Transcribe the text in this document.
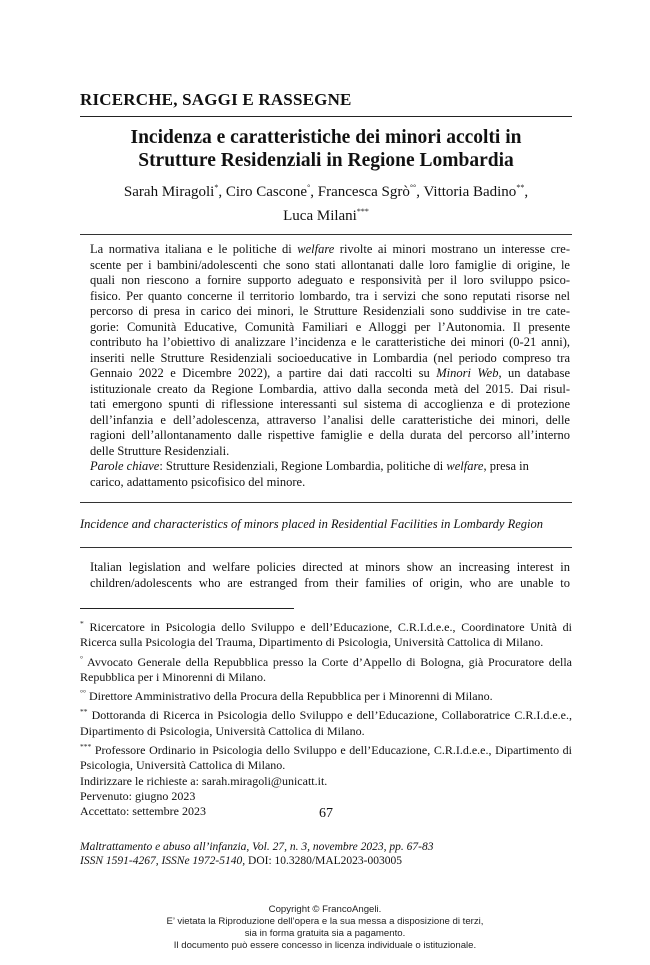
RICERCHE, SAGGI E RASSEGNE
Incidenza e caratteristiche dei minori accolti in
Strutture Residenziali in Regione Lombardia
Sarah Miragoli*, Ciro Cascone°, Francesca Sgrò°°, Vittoria Badino**,
Luca Milani***
La normativa italiana e le politiche di welfare rivolte ai minori mostrano un interesse cre-
scente per i bambini/adolescenti che sono stati allontanati dalle loro famiglie di origine, le
quali non riescono a fornire supporto adeguato e responsività per il loro sviluppo psico-
fisico. Per quanto concerne il territorio lombardo, tra i servizi che sono reputati risorse nel
percorso di presa in carico dei minori, le Strutture Residenziali sono suddivise in tre cate-
gorie: Comunità Educative, Comunità Familiari e Alloggi per l’Autonomia. Il presente
contributo ha l’obiettivo di analizzare l’incidenza e le caratteristiche dei minori (0-21 anni),
inseriti nelle Strutture Residenziali socioeducative in Lombardia (nel periodo compreso tra
Gennaio 2022 e Dicembre 2022), a partire dai dati raccolti su Minori Web, un database
istituzionale creato da Regione Lombardia, attivo dalla seconda metà del 2015. Dai risul-
tati emergono spunti di riflessione interessanti sul sistema di accoglienza e di protezione
dell’infanzia e dell’adolescenza, attraverso l’analisi delle caratteristiche dei minori, delle
ragioni dell’allontanamento dalle rispettive famiglie e della durata del percorso all’interno
delle Strutture Residenziali.
Parole chiave: Strutture Residenziali, Regione Lombardia, politiche di welfare, presa in
carico, adattamento psicofisico del minore.
Incidence and characteristics of minors placed in Residential Facilities in Lombardy Region
Italian legislation and welfare policies directed at minors show an increasing interest in
children/adolescents who are estranged from their families of origin, who are unable to
* Ricercatore in Psicologia dello Sviluppo e dell’Educazione, C.R.I.d.e.e., Coordinatore Unità di Ricerca sulla Psicologia del Trauma, Dipartimento di Psicologia, Università Cattolica di Milano.
° Avvocato Generale della Repubblica presso la Corte d’Appello di Bologna, già Procuratore della Repubblica per i Minorenni di Milano.
°° Direttore Amministrativo della Procura della Repubblica per i Minorenni di Milano.
** Dottoranda di Ricerca in Psicologia dello Sviluppo e dell’Educazione, Collaboratrice C.R.I.d.e.e., Dipartimento di Psicologia, Università Cattolica di Milano.
*** Professore Ordinario in Psicologia dello Sviluppo e dell’Educazione, C.R.I.d.e.e., Dipartimento di Psicologia, Università Cattolica di Milano.
Indirizzare le richieste a: sarah.miragoli@unicatt.it.
Pervenuto: giugno 2023
Accettato: settembre 2023	67
Maltrattamento e abuso all’infanzia, Vol. 27, n. 3, novembre 2023, pp. 67-83
ISSN 1591-4267, ISSNe 1972-5140, DOI: 10.3280/MAL2023-003005
Copyright © FrancoAngeli.
E’ vietata la Riproduzione dell’opera e la sua messa a disposizione di terzi,
sia in forma gratuita sia a pagamento.
Il documento può essere concesso in licenza individuale o istituzionale.
